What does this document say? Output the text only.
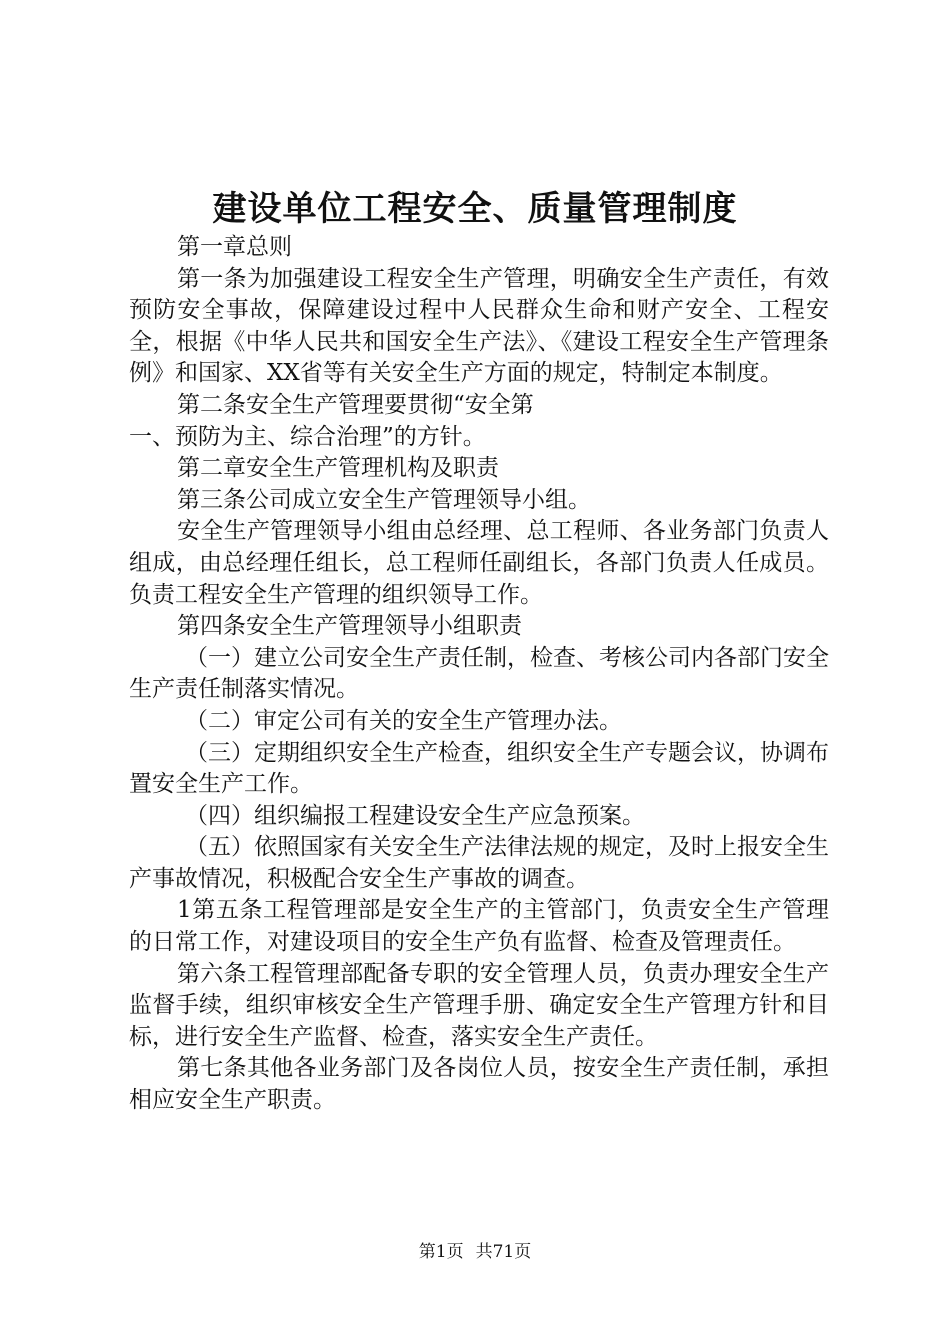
建设单位工程安全、质量管理制度

第一章总则

第一条为加强建设工程安全生产管理，明确安全生产责任，有效预防安全事故，保障建设过程中人民群众生命和财产安全、工程安全，根据《中华人民共和国安全生产法》、《建设工程安全生产管理条例》和国家、XX省等有关安全生产方面的规定，特制定本制度。

第二条安全生产管理要贯彻“安全第

一、预防为主、综合治理”的方针。

第二章安全生产管理机构及职责

第三条公司成立安全生产管理领导小组。

安全生产管理领导小组由总经理、总工程师、各业务部门负责人组成，由总经理任组长，总工程师任副组长，各部门负责人任成员。负责工程安全生产管理的组织领导工作。

第四条安全生产管理领导小组职责

（一）建立公司安全生产责任制，检查、考核公司内各部门安全生产责任制落实情况。

（二）审定公司有关的安全生产管理办法。

（三）定期组织安全生产检查，组织安全生产专题会议，协调布置安全生产工作。

（四）组织编报工程建设安全生产应急预案。

（五）依照国家有关安全生产法律法规的规定，及时上报安全生产事故情况，积极配合安全生产事故的调查。

1第五条工程管理部是安全生产的主管部门，负责安全生产管理的日常工作，对建设项目的安全生产负有监督、检查及管理责任。

第六条工程管理部配备专职的安全管理人员，负责办理安全生产监督手续，组织审核安全生产管理手册、确定安全生产管理方针和目标，进行安全生产监督、检查，落实安全生产责任。

第七条其他各业务部门及各岗位人员，按安全生产责任制，承担相应安全生产职责。

第1页 共71页
